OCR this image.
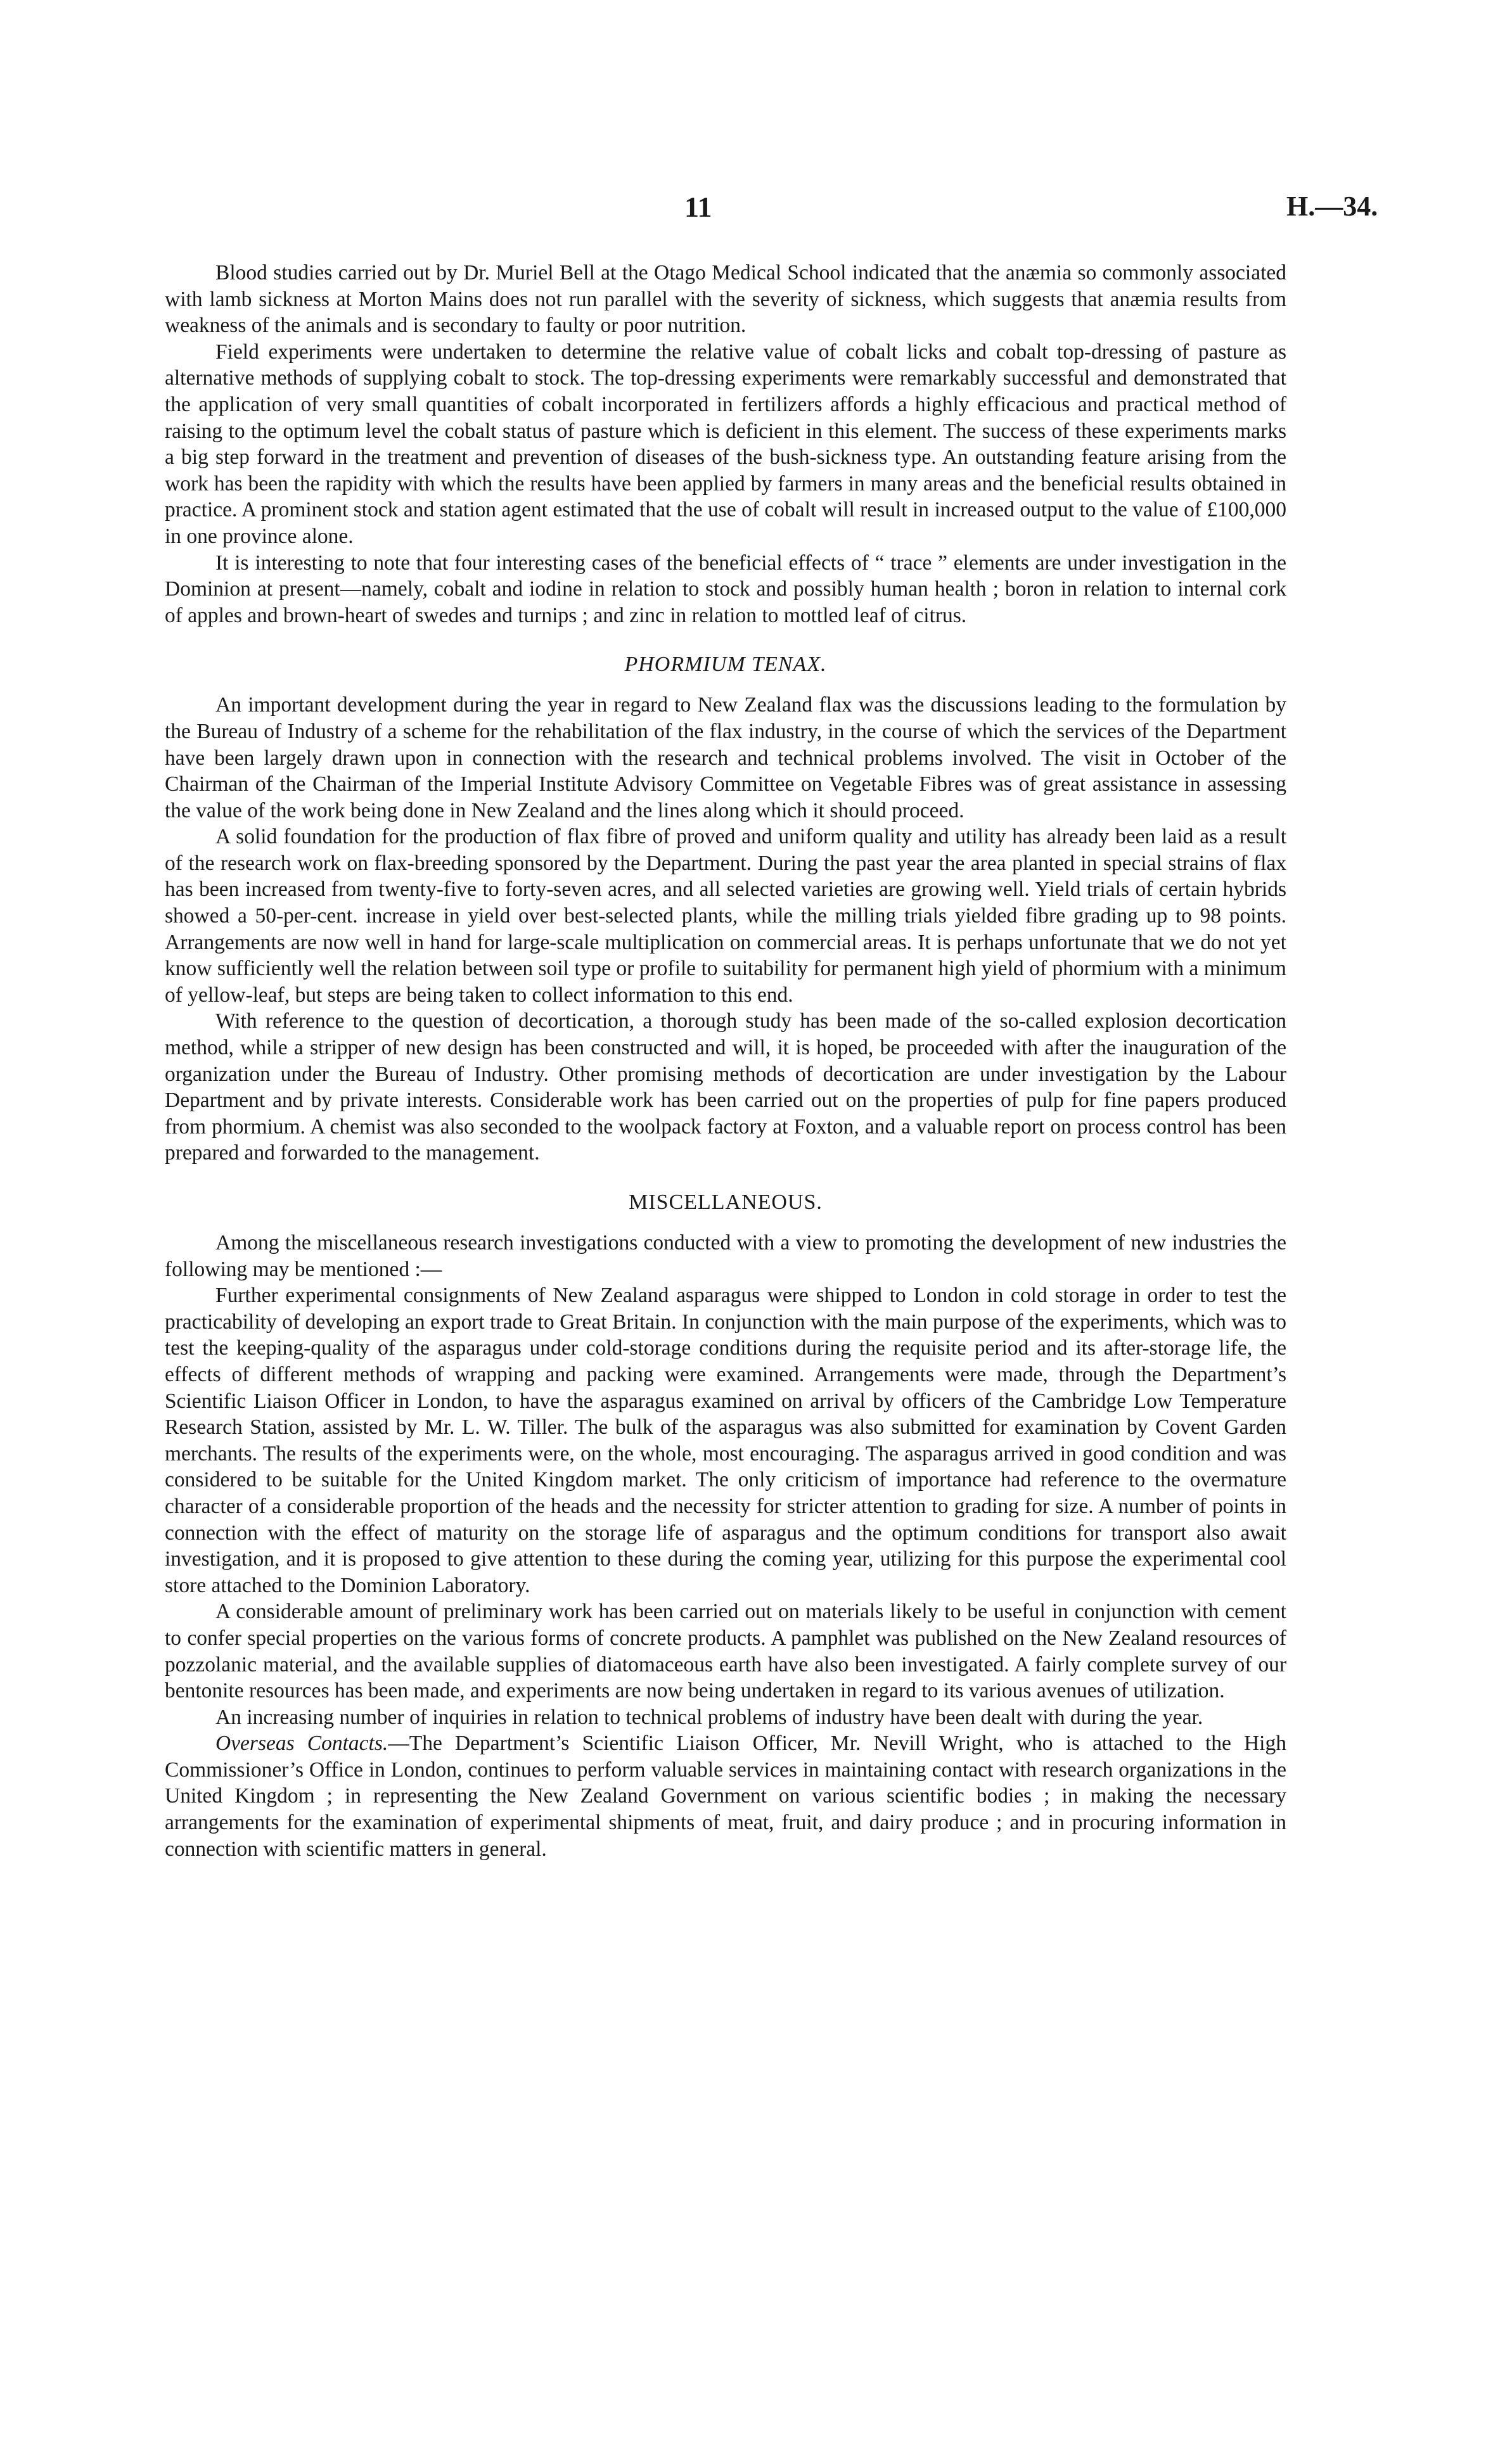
11	H.—34.

Blood studies carried out by Dr. Muriel Bell at the Otago Medical School indicated that the anæmia so commonly associated with lamb sickness at Morton Mains does not run parallel with the severity of sickness, which suggests that anæmia results from weakness of the animals and is secondary to faulty or poor nutrition.

Field experiments were undertaken to determine the relative value of cobalt licks and cobalt top-dressing of pasture as alternative methods of supplying cobalt to stock. The top-dressing experiments were remarkably successful and demonstrated that the application of very small quantities of cobalt incorporated in fertilizers affords a highly efficacious and practical method of raising to the optimum level the cobalt status of pasture which is deficient in this element. The success of these experiments marks a big step forward in the treatment and prevention of diseases of the bush-sickness type. An outstanding feature arising from the work has been the rapidity with which the results have been applied by farmers in many areas and the beneficial results obtained in practice. A prominent stock and station agent estimated that the use of cobalt will result in increased output to the value of £100,000 in one province alone.

It is interesting to note that four interesting cases of the beneficial effects of “ trace ” elements are under investigation in the Dominion at present—namely, cobalt and iodine in relation to stock and possibly human health ; boron in relation to internal cork of apples and brown-heart of swedes and turnips ; and zinc in relation to mottled leaf of citrus.

PHORMIUM TENAX.

An important development during the year in regard to New Zealand flax was the discussions leading to the formulation by the Bureau of Industry of a scheme for the rehabilitation of the flax industry, in the course of which the services of the Department have been largely drawn upon in connection with the research and technical problems involved. The visit in October of the Chairman of the Chairman of the Imperial Institute Advisory Committee on Vegetable Fibres was of great assistance in assessing the value of the work being done in New Zealand and the lines along which it should proceed.

A solid foundation for the production of flax fibre of proved and uniform quality and utility has already been laid as a result of the research work on flax-breeding sponsored by the Department. During the past year the area planted in special strains of flax has been increased from twenty-five to forty-seven acres, and all selected varieties are growing well. Yield trials of certain hybrids showed a 50-per-cent. increase in yield over best-selected plants, while the milling trials yielded fibre grading up to 98 points. Arrangements are now well in hand for large-scale multiplication on commercial areas. It is perhaps unfortunate that we do not yet know sufficiently well the relation between soil type or profile to suitability for permanent high yield of phormium with a minimum of yellow-leaf, but steps are being taken to collect information to this end.

With reference to the question of decortication, a thorough study has been made of the so-called explosion decortication method, while a stripper of new design has been constructed and will, it is hoped, be proceeded with after the inauguration of the organization under the Bureau of Industry. Other promising methods of decortication are under investigation by the Labour Department and by private interests. Considerable work has been carried out on the properties of pulp for fine papers produced from phormium. A chemist was also seconded to the woolpack factory at Foxton, and a valuable report on process control has been prepared and forwarded to the management.

MISCELLANEOUS.

Among the miscellaneous research investigations conducted with a view to promoting the development of new industries the following may be mentioned :—

Further experimental consignments of New Zealand asparagus were shipped to London in cold storage in order to test the practicability of developing an export trade to Great Britain. In conjunction with the main purpose of the experiments, which was to test the keeping-quality of the asparagus under cold-storage conditions during the requisite period and its after-storage life, the effects of different methods of wrapping and packing were examined. Arrangements were made, through the Department’s Scientific Liaison Officer in London, to have the asparagus examined on arrival by officers of the Cambridge Low Temperature Research Station, assisted by Mr. L. W. Tiller. The bulk of the asparagus was also submitted for examination by Covent Garden merchants. The results of the experiments were, on the whole, most encouraging. The asparagus arrived in good condition and was considered to be suitable for the United Kingdom market. The only criticism of importance had reference to the overmature character of a considerable proportion of the heads and the necessity for stricter attention to grading for size. A number of points in connection with the effect of maturity on the storage life of asparagus and the optimum conditions for transport also await investigation, and it is proposed to give attention to these during the coming year, utilizing for this purpose the experimental cool store attached to the Dominion Laboratory.

A considerable amount of preliminary work has been carried out on materials likely to be useful in conjunction with cement to confer special properties on the various forms of concrete products. A pamphlet was published on the New Zealand resources of pozzolanic material, and the available supplies of diatomaceous earth have also been investigated. A fairly complete survey of our bentonite resources has been made, and experiments are now being undertaken in regard to its various avenues of utilization.

An increasing number of inquiries in relation to technical problems of industry have been dealt with during the year.

Overseas Contacts.—The Department’s Scientific Liaison Officer, Mr. Nevill Wright, who is attached to the High Commissioner’s Office in London, continues to perform valuable services in maintaining contact with research organizations in the United Kingdom ; in representing the New Zealand Government on various scientific bodies ; in making the necessary arrangements for the examination of experimental shipments of meat, fruit, and dairy produce ; and in procuring information in connection with scientific matters in general.
